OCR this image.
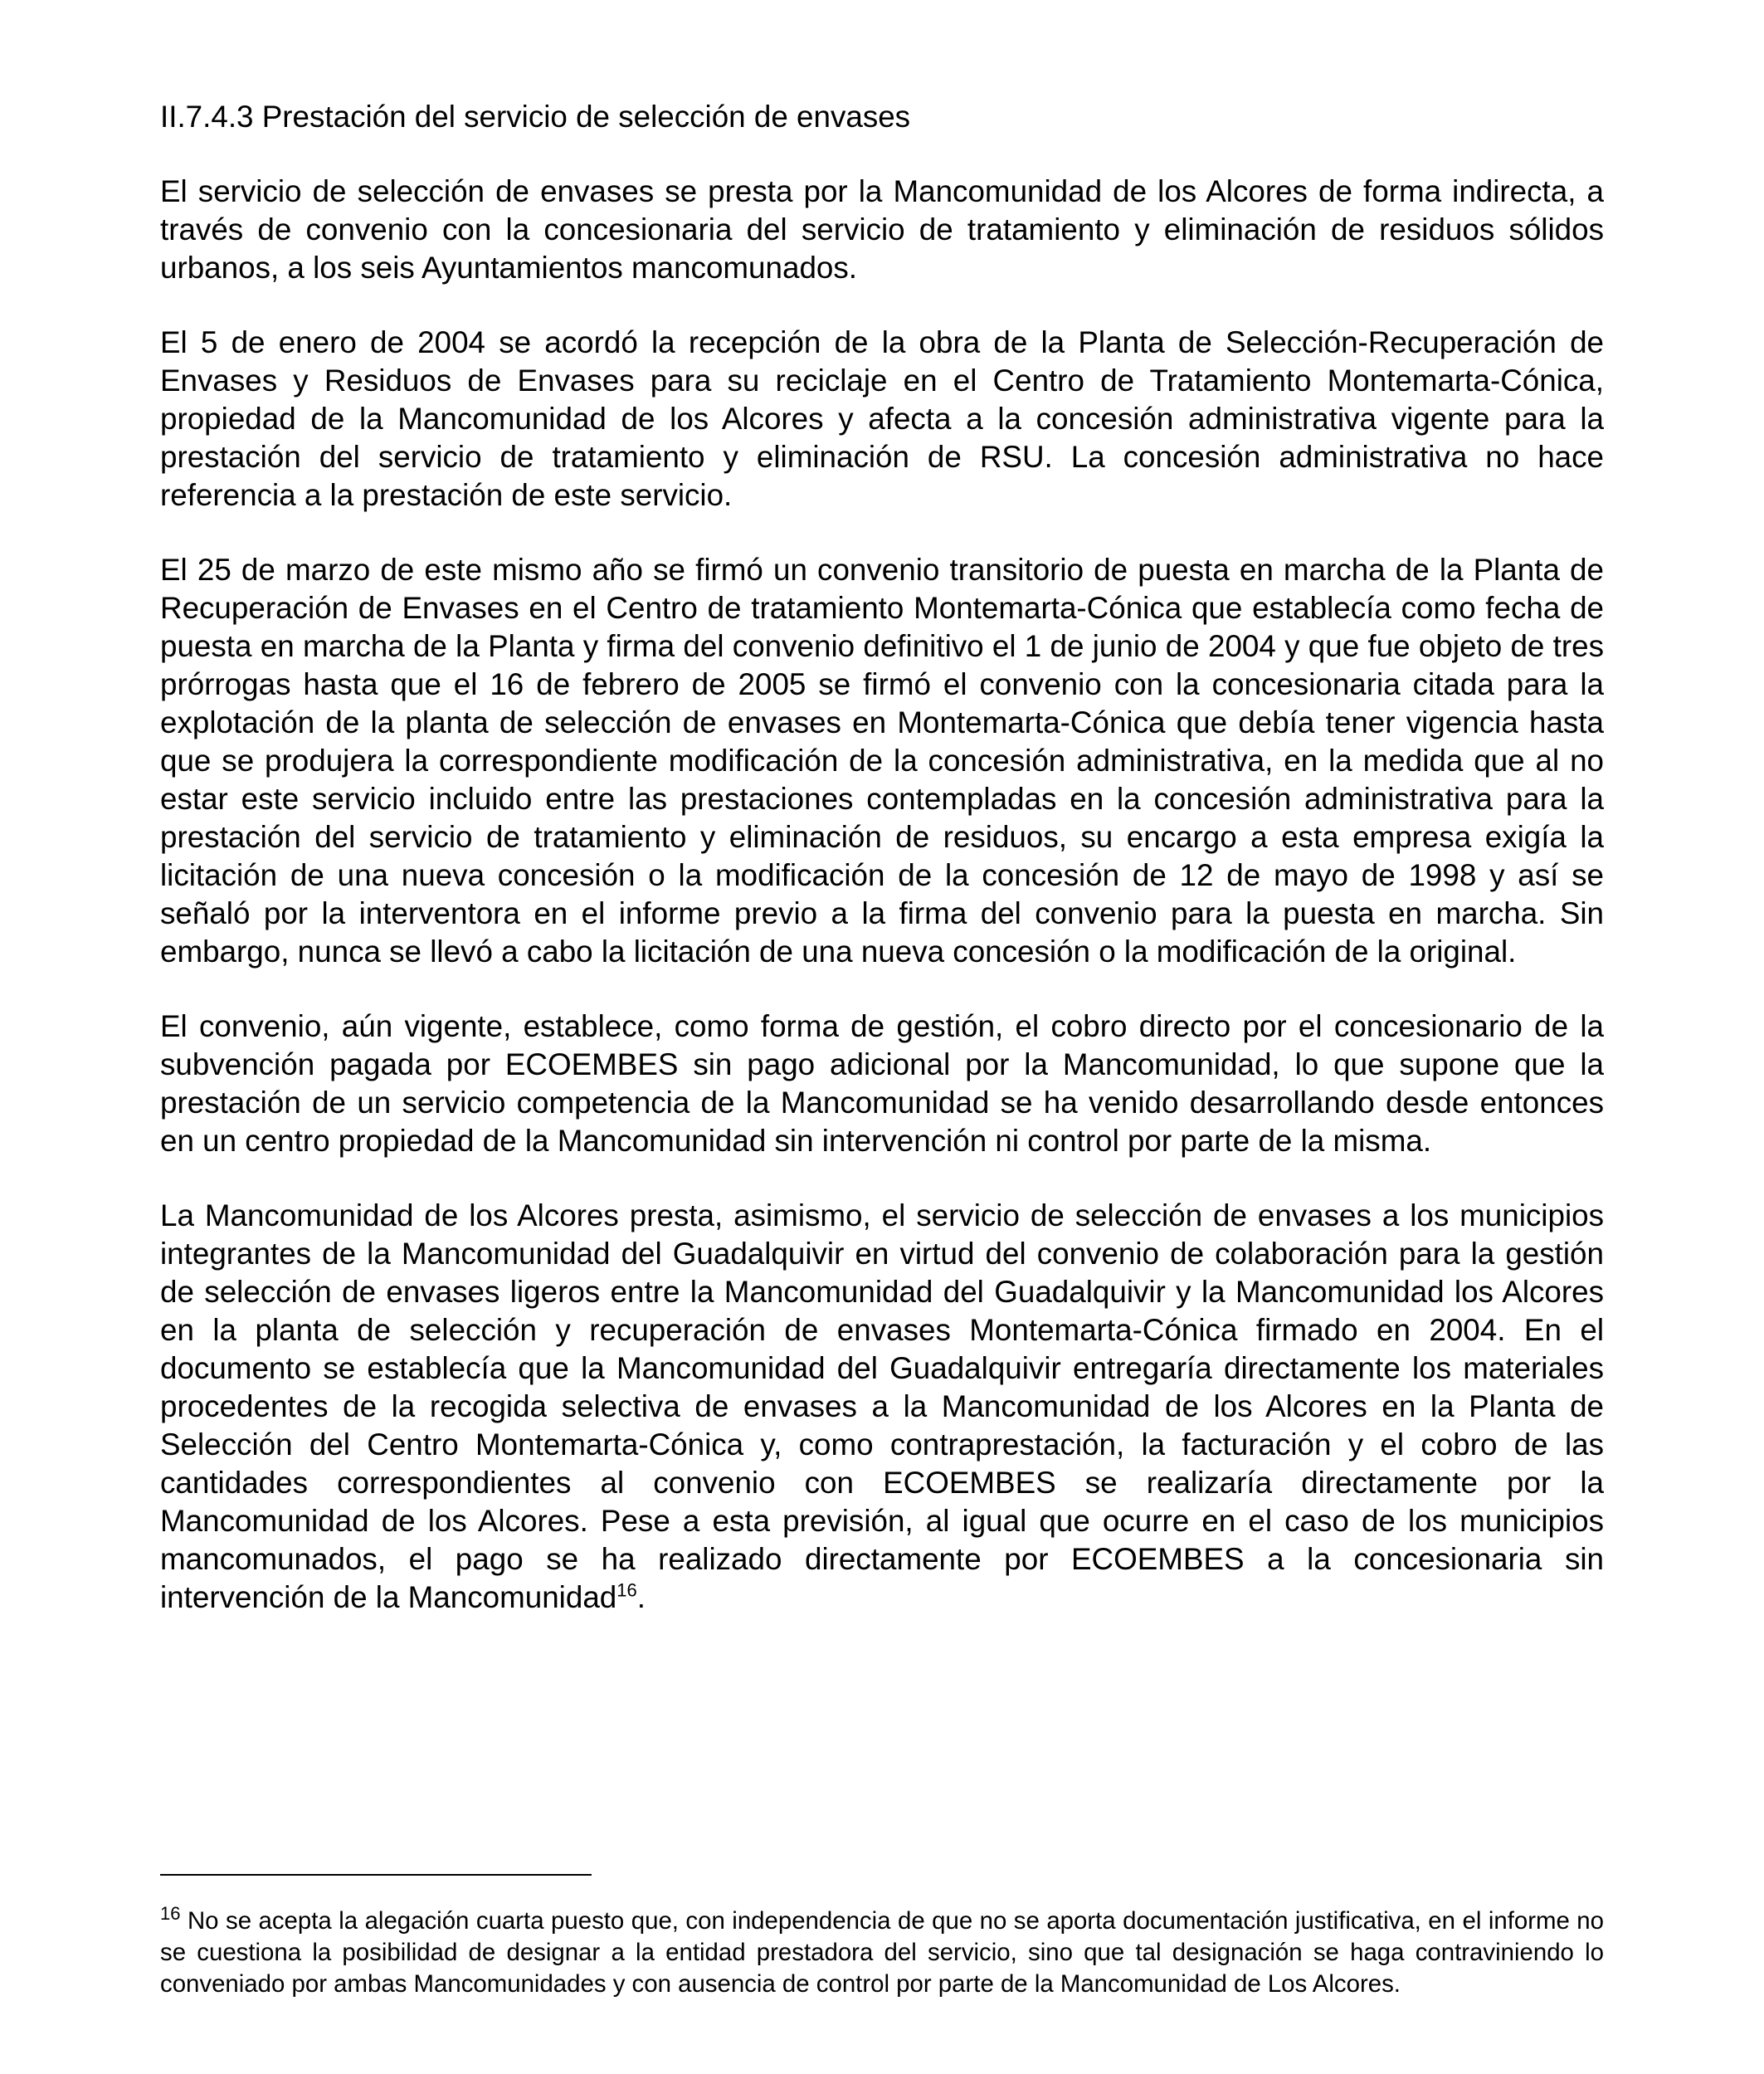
II.7.4.3 Prestación del servicio de selección de envases

El servicio de selección de envases se presta por la Mancomunidad de los Alcores de forma indirecta, a través de convenio con la concesionaria del servicio de tratamiento y eliminación de residuos sólidos urbanos, a los seis Ayuntamientos mancomunados.

El 5 de enero de 2004 se acordó la recepción de la obra de la Planta de Selección-Recuperación de Envases y Residuos de Envases para su reciclaje en el Centro de Tratamiento Montemarta-Cónica, propiedad de la Mancomunidad de los Alcores y afecta a la concesión administrativa vigente para la prestación del servicio de tratamiento y eliminación de RSU. La concesión administrativa no hace referencia a la prestación de este servicio.

El 25 de marzo de este mismo año se firmó un convenio transitorio de puesta en marcha de la Planta de Recuperación de Envases en el Centro de tratamiento Montemarta-Cónica que establecía como fecha de puesta en marcha de la Planta y firma del convenio definitivo el 1 de junio de 2004 y que fue objeto de tres prórrogas hasta que el 16 de febrero de 2005 se firmó el convenio con la concesionaria citada para la explotación de la planta de selección de envases en Montemarta-Cónica que debía tener vigencia hasta que se produjera la correspondiente modificación de la concesión administrativa, en la medida que al no estar este servicio incluido entre las prestaciones contempladas en la concesión administrativa para la prestación del servicio de tratamiento y eliminación de residuos, su encargo a esta empresa exigía la licitación de una nueva concesión o la modificación de la concesión de 12 de mayo de 1998 y así se señaló por la interventora en el informe previo a la firma del convenio para la puesta en marcha. Sin embargo, nunca se llevó a cabo la licitación de una nueva concesión o la modificación de la original.

El convenio, aún vigente, establece, como forma de gestión, el cobro directo por el concesionario de la subvención pagada por ECOEMBES sin pago adicional por la Mancomunidad, lo que supone que la prestación de un servicio competencia de la Mancomunidad se ha venido desarrollando desde entonces en un centro propiedad de la Mancomunidad sin intervención ni control por parte de la misma.

La Mancomunidad de los Alcores presta, asimismo, el servicio de selección de envases a los municipios integrantes de la Mancomunidad del Guadalquivir en virtud del convenio de colaboración para la gestión de selección de envases ligeros entre la Mancomunidad del Guadalquivir y la Mancomunidad los Alcores en la planta de selección y recuperación de envases Montemarta-Cónica firmado en 2004. En el documento se establecía que la Mancomunidad del Guadalquivir entregaría directamente los materiales procedentes de la recogida selectiva de envases a la Mancomunidad de los Alcores en la Planta de Selección del Centro Montemarta-Cónica y, como contraprestación, la facturación y el cobro de las cantidades correspondientes al convenio con ECOEMBES se realizaría directamente por la Mancomunidad de los Alcores. Pese a esta previsión, al igual que ocurre en el caso de los municipios mancomunados, el pago se ha realizado directamente por ECOEMBES a la concesionaria sin intervención de la Mancomunidad$^{16}$.

$^{16}$ No se acepta la alegación cuarta puesto que, con independencia de que no se aporta documentación justificativa, en el informe no se cuestiona la posibilidad de designar a la entidad prestadora del servicio, sino que tal designación se haga contraviniendo lo conveniado por ambas Mancomunidades y con ausencia de control por parte de la Mancomunidad de Los Alcores.
